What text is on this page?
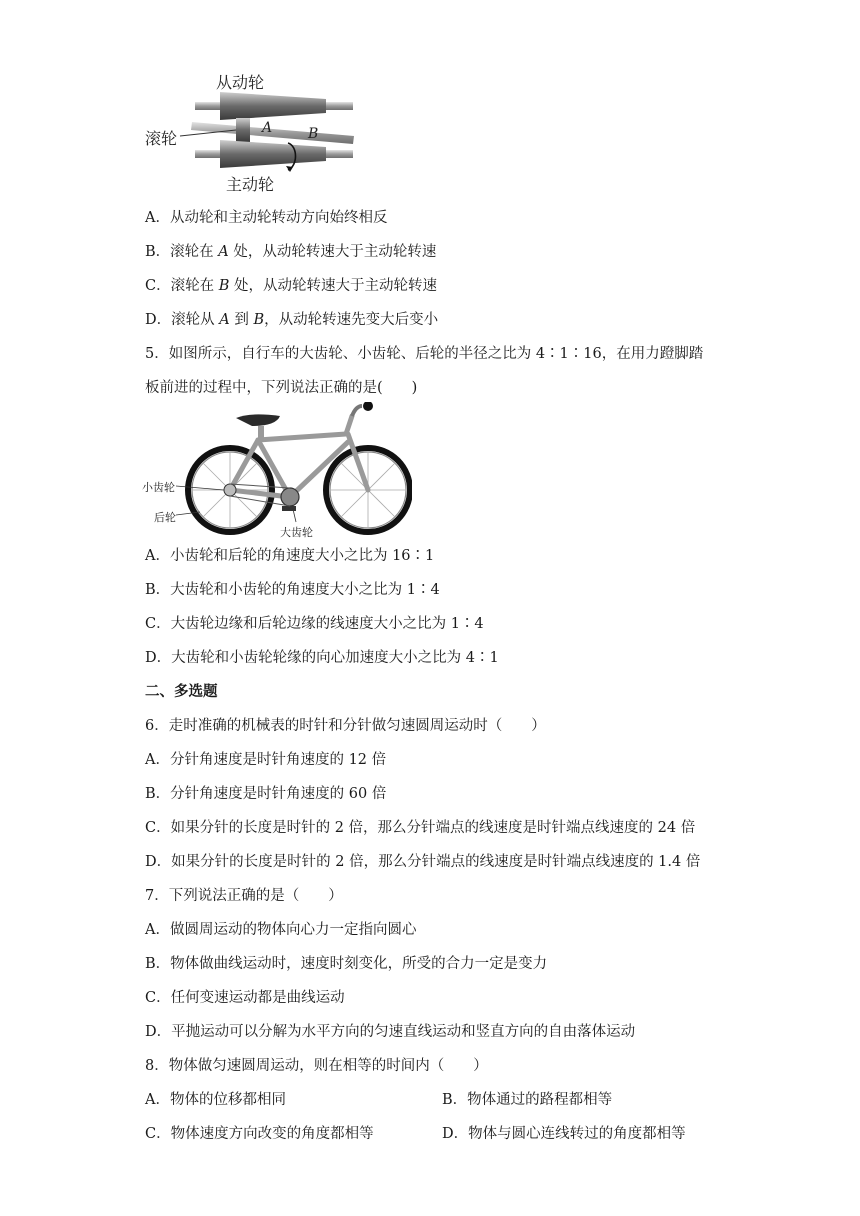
从动轮
滚轮
A	B
主动轮
A．从动轮和主动轮转动方向始终相反
B．滚轮在 A 处，从动轮转速大于主动轮转速
C．滚轮在 B 处，从动轮转速大于主动轮转速
D．滚轮从 A 到 B，从动轮转速先变大后变小
5．如图所示，自行车的大齿轮、小齿轮、后轮的半径之比为 4∶1∶16，在用力蹬脚踏
板前进的过程中，下列说法正确的是(　　)
小齿轮
后轮
大齿轮
A．小齿轮和后轮的角速度大小之比为 16∶1
B．大齿轮和小齿轮的角速度大小之比为 1∶4
C．大齿轮边缘和后轮边缘的线速度大小之比为 1∶4
D．大齿轮和小齿轮轮缘的向心加速度大小之比为 4∶1
二、多选题
6．走时准确的机械表的时针和分针做匀速圆周运动时（　　）
A．分针角速度是时针角速度的 12 倍
B．分针角速度是时针角速度的 60 倍
C．如果分针的长度是时针的 2 倍，那么分针端点的线速度是时针端点线速度的 24 倍
D．如果分针的长度是时针的 2 倍，那么分针端点的线速度是时针端点线速度的 1.4 倍
7．下列说法正确的是（　　）
A．做圆周运动的物体向心力一定指向圆心
B．物体做曲线运动时，速度时刻变化，所受的合力一定是变力
C．任何变速运动都是曲线运动
D．平抛运动可以分解为水平方向的匀速直线运动和竖直方向的自由落体运动
8．物体做匀速圆周运动，则在相等的时间内（　　）
A．物体的位移都相同	B．物体通过的路程都相等
C．物体速度方向改变的角度都相等	D．物体与圆心连线转过的角度都相等
